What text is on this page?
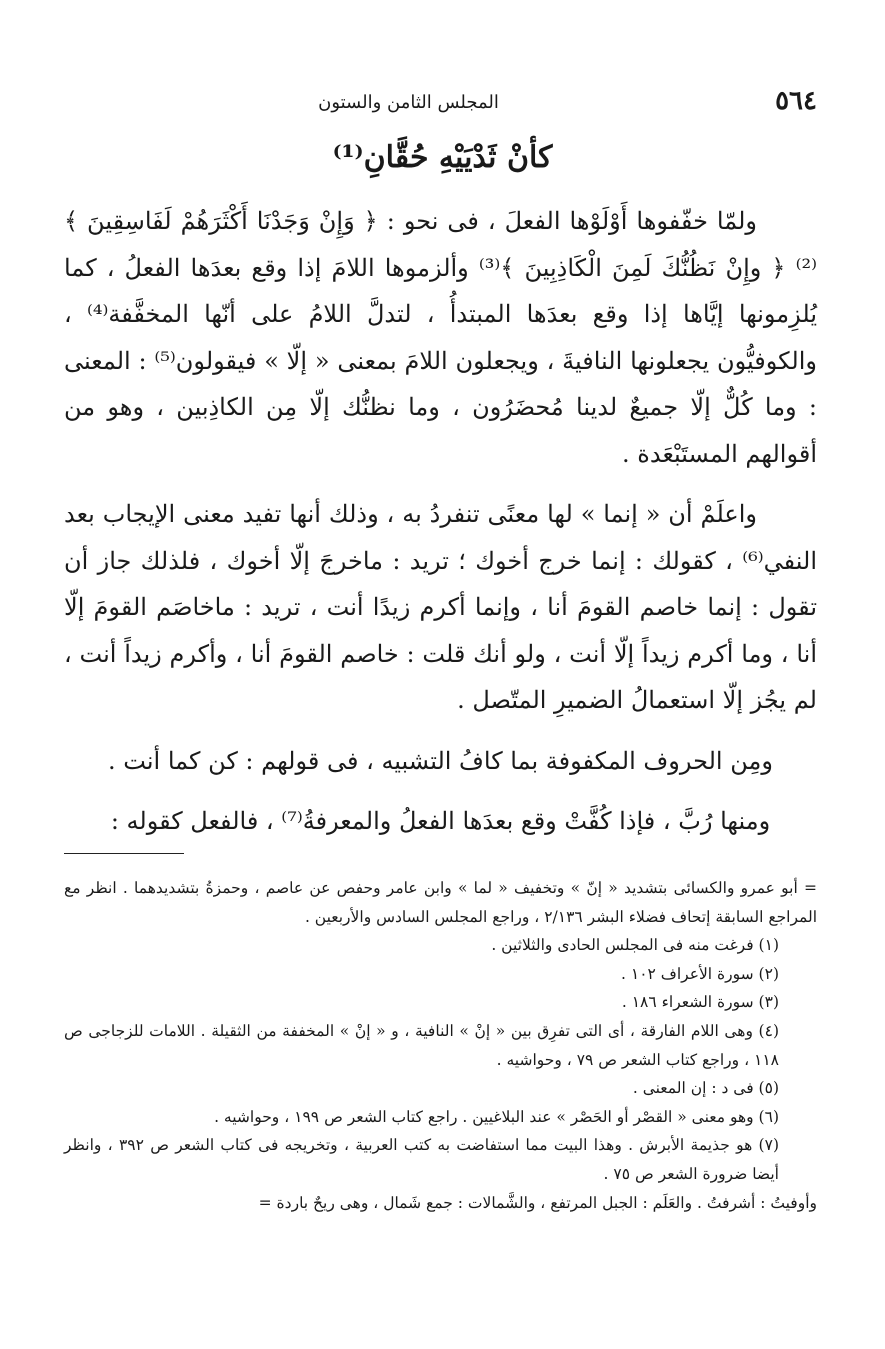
٥٦٤
المجلس الثامن والستون
كأنْ ثَدْيَيْهِ حُقَّانِ⁽¹⁾

ولمّا خفّفوها أَوْلَوْها الفعلَ ، فى نحو : ﴿ وَإِنْ وَجَدْنَا أَكْثَرَهُمْ لَفَاسِقِينَ ﴾⁽²⁾ ﴿ وإِنْ نَظُنُّكَ لَمِنَ الْكَاذِبِينَ ﴾⁽³⁾ وألزموها اللامَ إذا وقع بعدَها الفعلُ ، كما يُلزِمونها إيَّاها إذا وقع بعدَها المبتدأُ ، لتدلَّ اللامُ على أنّها المخفَّفة⁽⁴⁾ ، والكوفيُّون يجعلونها النافيةَ ، ويجعلون اللامَ بمعنى « إلّا » فيقولون⁽⁵⁾ : المعنى : وما كُلٌّ إلّا جميعٌ لدينا مُحضَرُون ، وما نظنُّك إلّا مِن الكاذِبين ، وهو من أقوالهم المستَبْعَدة .

واعلَمْ أن « إنما » لها معنًى تنفردُ به ، وذلك أنها تفيد معنى الإيجاب بعد النفي⁽⁶⁾ ، كقولك : إنما خرج أخوك ؛ تريد : ماخرجَ إلّا أخوك ، فلذلك جاز أن تقول : إنما خاصم القومَ أنا ، وإنما أكرم زيدًا أنت ، تريد : ماخاصَم القومَ إلّا أنا ، وما أكرم زيداً إلّا أنت ، ولو أنك قلت : خاصم القومَ أنا ، وأكرم زيداً أنت ، لم يجُز إلّا استعمالُ الضميرِ المتّصل .

ومِن الحروف المكفوفة بما كافُ التشبيه ، فى قولهم : كن كما أنت .

ومنها رُبَّ ، فإذا كُفَّتْ وقع بعدَها الفعلُ والمعرفةُ⁽⁷⁾ ، فالفعل كقوله :

= أبو عمرو والكسائى بتشديد « إنّ » وتخفيف « لما » وابن عامر وحفص عن عاصم ، وحمزةُ بتشديدهما . انظر مع المراجع السابقة إتحاف فضلاء البشر ٢/١٣٦ ، وراجع المجلس السادس والأربعين .

(١) فرغت منه فى المجلس الحادى والثلاثين .

(٢) سورة الأعراف ١٠٢ .

(٣) سورة الشعراء ١٨٦ .

(٤) وهى اللام الفارقة ، أى التى تفرِق بين « إنْ » النافية ، و « إنْ » المخففة من الثقيلة . اللامات للزجاجى ص ١١٨ ، وراجع كتاب الشعر ص ٧٩ ، وحواشيه .

(٥) فى د : إن المعنى .

(٦) وهو معنى « القصْر أو الحَصْر » عند البلاغيين . راجع كتاب الشعر ص ١٩٩ ، وحواشيه .

(٧) هو جذيمة الأبرش . وهذا البيت مما استفاضت به كتب العربية ، وتخريجه فى كتاب الشعر ص ٣٩٢ ، وانظر أيضا ضرورة الشعر ص ٧٥ .

وأوفيتُ : أشرفتُ . والعَلَم : الجبل المرتفع ، والشَّمالات : جمع شَمال ، وهى ريحٌ باردة =
